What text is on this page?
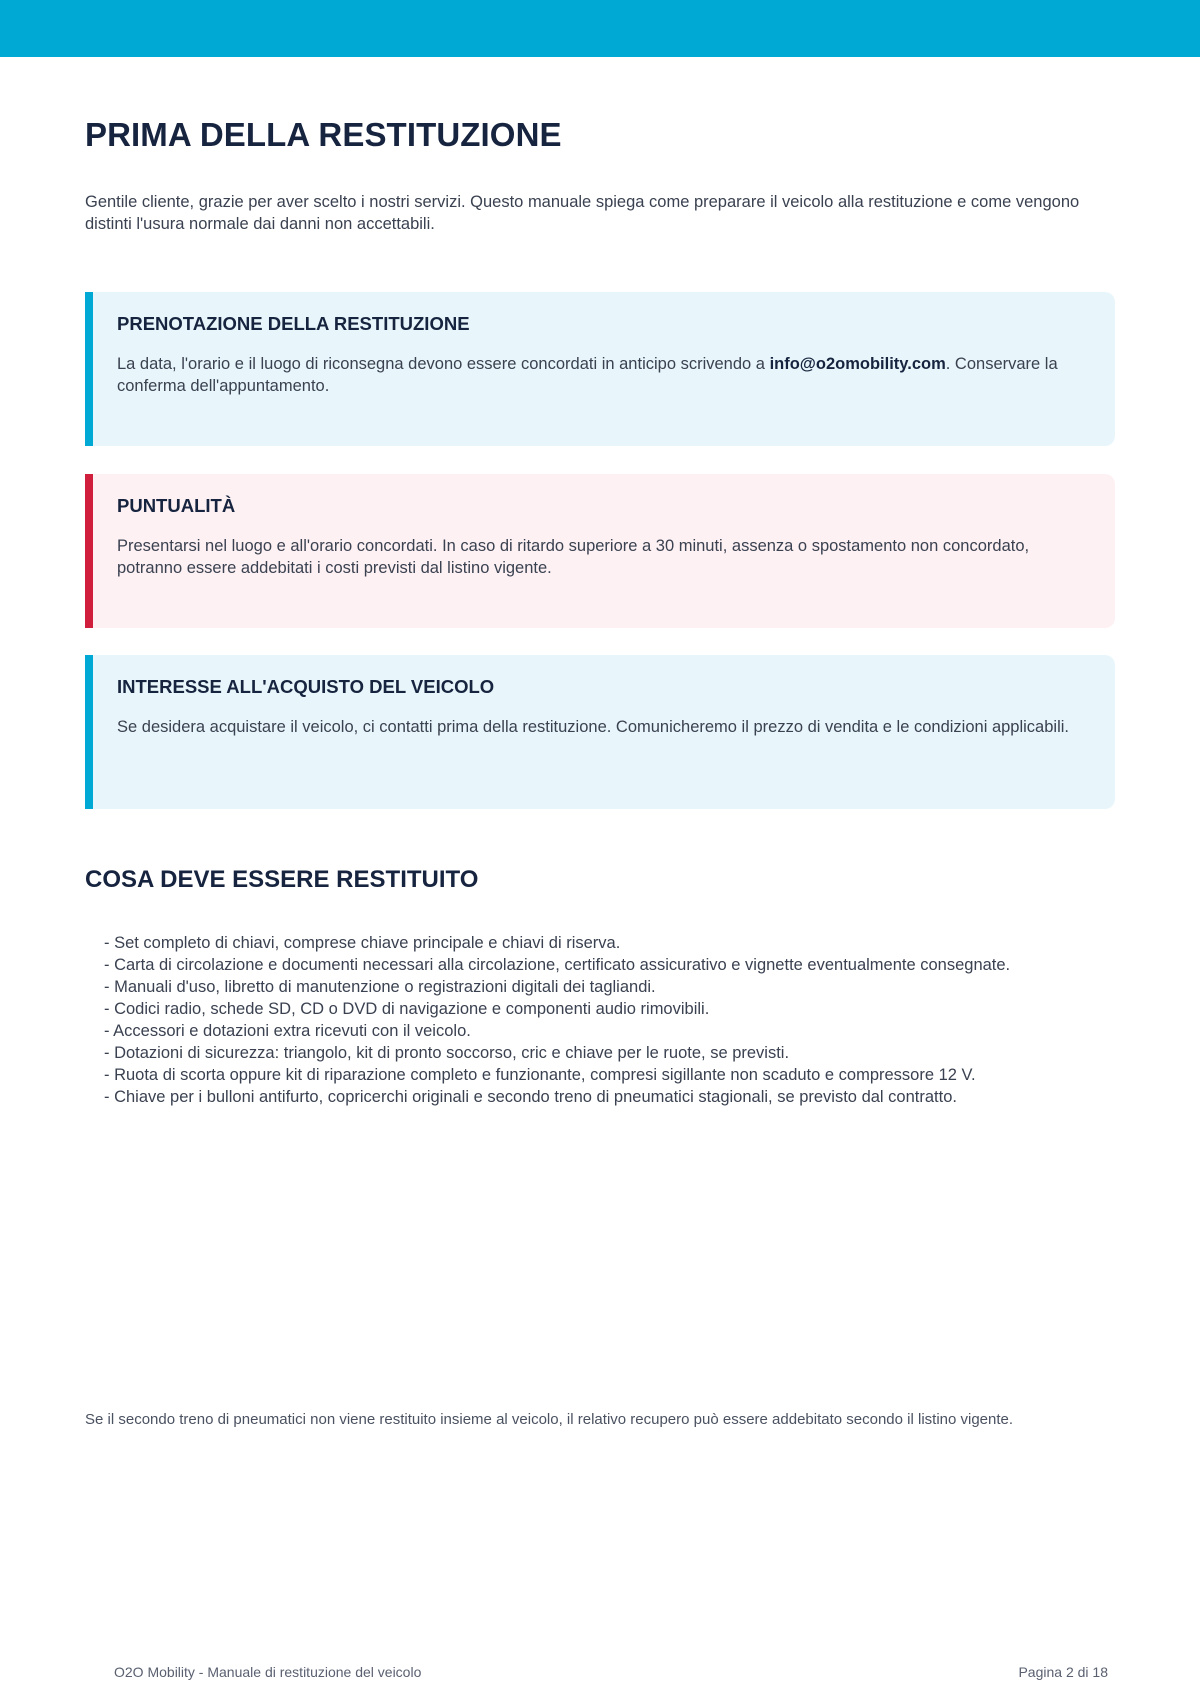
PRIMA DELLA RESTITUZIONE

Gentile cliente, grazie per aver scelto i nostri servizi. Questo manuale spiega come preparare il veicolo alla restituzione e come vengono distinti l'usura normale dai danni non accettabili.

PRENOTAZIONE DELLA RESTITUZIONE

La data, l'orario e il luogo di riconsegna devono essere concordati in anticipo scrivendo a info@o2omobility.com. Conservare la conferma dell'appuntamento.

PUNTUALITÀ

Presentarsi nel luogo e all'orario concordati. In caso di ritardo superiore a 30 minuti, assenza o spostamento non concordato, potranno essere addebitati i costi previsti dal listino vigente.

INTERESSE ALL'ACQUISTO DEL VEICOLO

Se desidera acquistare il veicolo, ci contatti prima della restituzione. Comunicheremo il prezzo di vendita e le condizioni applicabili.

COSA DEVE ESSERE RESTITUITO
- Set completo di chiavi, comprese chiave principale e chiavi di riserva.
- Carta di circolazione e documenti necessari alla circolazione, certificato assicurativo e vignette eventualmente consegnate.
- Manuali d'uso, libretto di manutenzione o registrazioni digitali dei tagliandi.
- Codici radio, schede SD, CD o DVD di navigazione e componenti audio rimovibili.
- Accessori e dotazioni extra ricevuti con il veicolo.
- Dotazioni di sicurezza: triangolo, kit di pronto soccorso, cric e chiave per le ruote, se previsti.
- Ruota di scorta oppure kit di riparazione completo e funzionante, compresi sigillante non scaduto e compressore 12 V.
- Chiave per i bulloni antifurto, copricerchi originali e secondo treno di pneumatici stagionali, se previsto dal contratto.

Se il secondo treno di pneumatici non viene restituito insieme al veicolo, il relativo recupero può essere addebitato secondo il listino vigente.

O2O Mobility - Manuale di restituzione del veicolo	Pagina 2 di 18
